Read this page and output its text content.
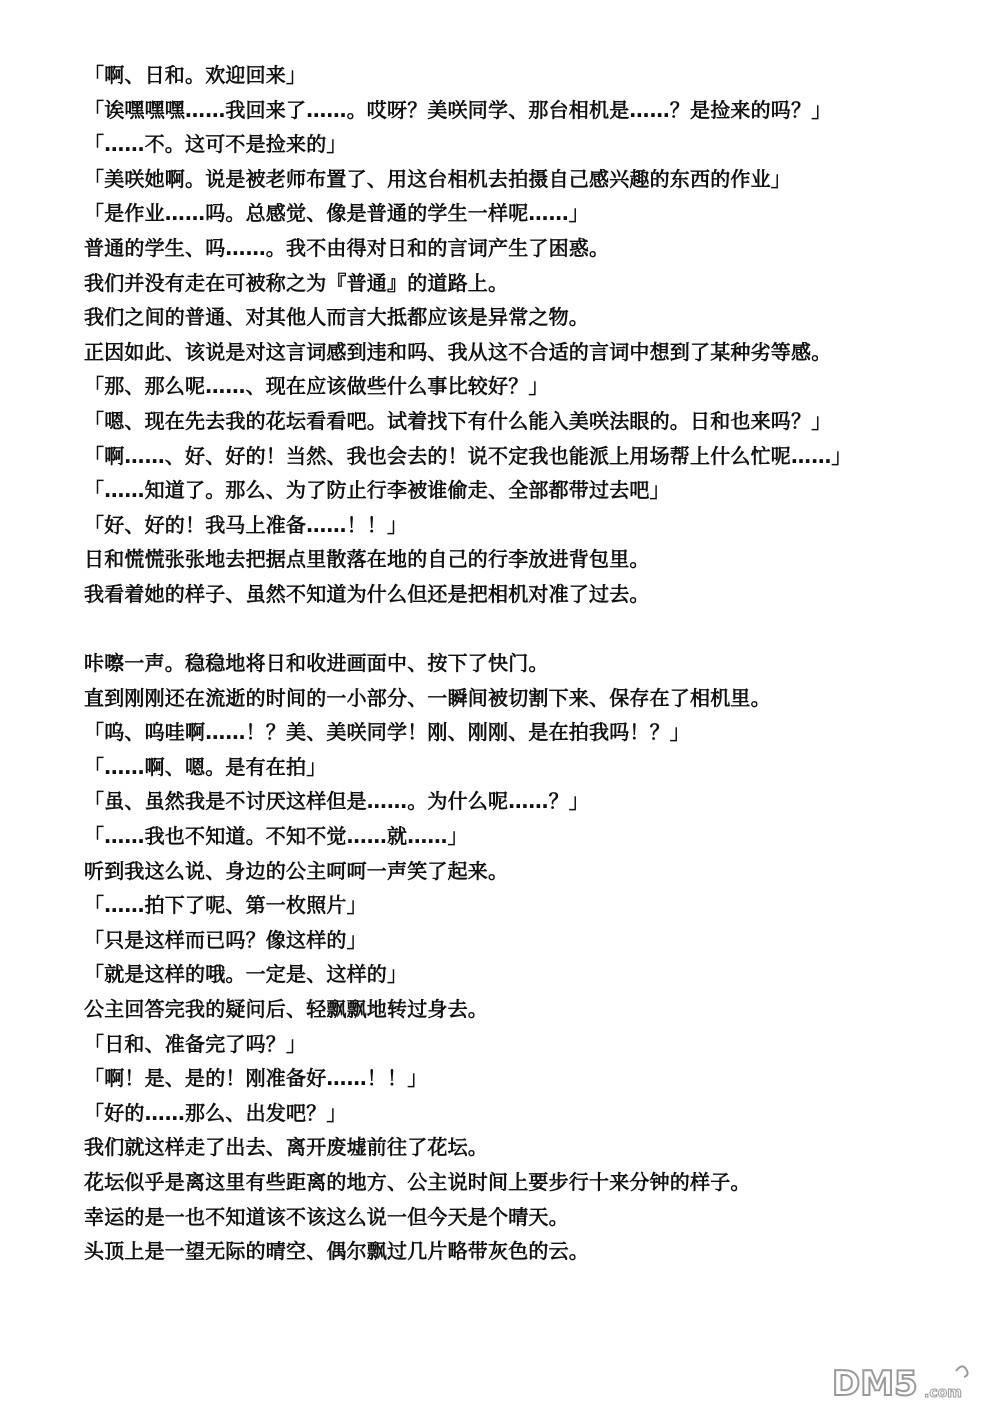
「啊、日和。欢迎回来」
「诶嘿嘿嘿……我回来了……。哎呀？美咲同学、那台相机是……？是捡来的吗？」
「……不。这可不是捡来的」
「美咲她啊。说是被老师布置了、用这台相机去拍摄自己感兴趣的东西的作业」
「是作业……吗。总感觉、像是普通的学生一样呢……」
普通的学生、吗……。我不由得对日和的言词产生了困惑。
我们并没有走在可被称之为『普通』的道路上。
我们之间的普通、对其他人而言大抵都应该是异常之物。
正因如此、该说是对这言词感到违和吗、我从这不合适的言词中想到了某种劣等感。
「那、那么呢……、现在应该做些什么事比较好？」
「嗯、现在先去我的花坛看看吧。试着找下有什么能入美咲法眼的。日和也来吗？」
「啊……、好、好的！当然、我也会去的！说不定我也能派上用场帮上什么忙呢……」
「……知道了。那么、为了防止行李被谁偷走、全部都带过去吧」
「好、好的！我马上准备……！！」
日和慌慌张张地去把据点里散落在地的自己的行李放进背包里。
我看着她的样子、虽然不知道为什么但还是把相机对准了过去。
咔嚓一声。稳稳地将日和收进画面中、按下了快门。
直到刚刚还在流逝的时间的一小部分、一瞬间被切割下来、保存在了相机里。
「呜、呜哇啊……！？美、美咲同学！刚、刚刚、是在拍我吗！？」
「……啊、嗯。是有在拍」
「虽、虽然我是不讨厌这样但是……。为什么呢……？」
「……我也不知道。不知不觉……就……」
听到我这么说、身边的公主呵呵一声笑了起来。
「……拍下了呢、第一枚照片」
「只是这样而已吗？像这样的」
「就是这样的哦。一定是、这样的」
公主回答完我的疑问后、轻飘飘地转过身去。
「日和、准备完了吗？」
「啊！是、是的！刚准备好……！！」
「好的……那么、出发吧？」
我们就这样走了出去、离开废墟前往了花坛。
花坛似乎是离这里有些距离的地方、公主说时间上要步行十来分钟的样子。
幸运的是一也不知道该不该这么说一但今天是个晴天。
头顶上是一望无际的晴空、偶尔飘过几片略带灰色的云。
DM5 .com
